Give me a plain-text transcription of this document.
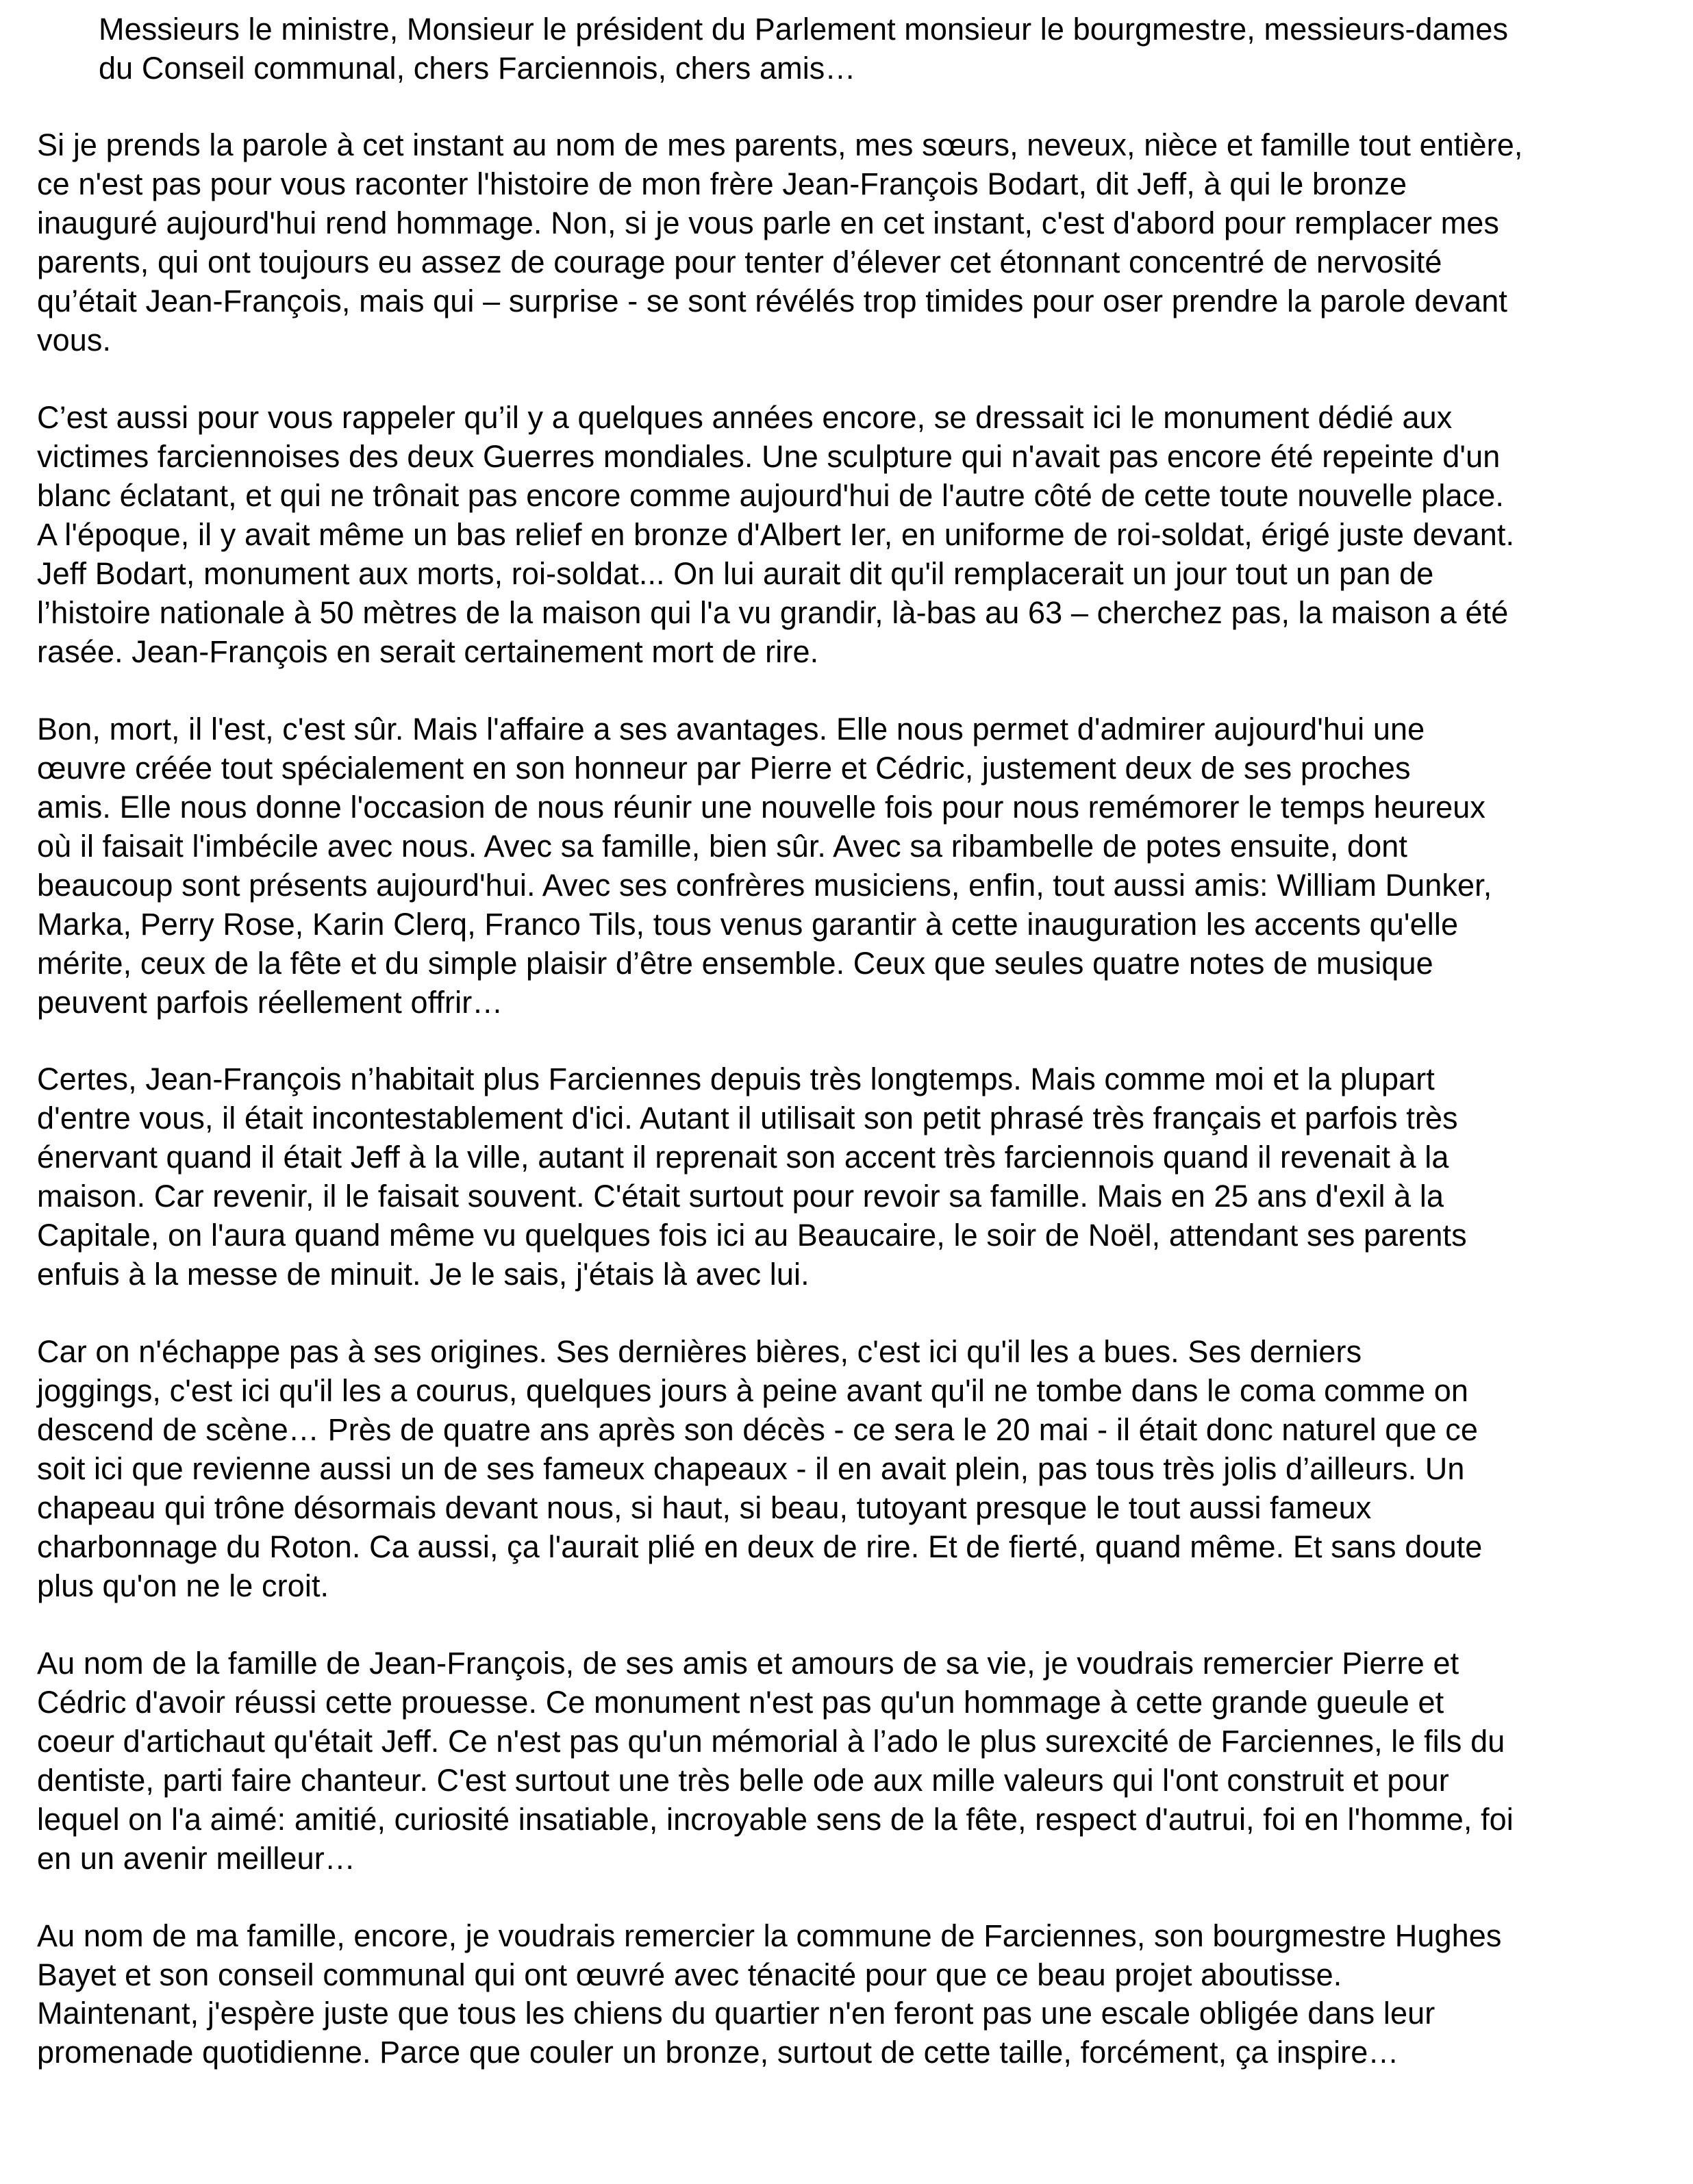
Messieurs le ministre, Monsieur le président du Parlement monsieur le bourgmestre, messieurs-dames
du Conseil communal, chers Farciennois, chers amis…

Si je prends la parole à cet instant au nom de mes parents, mes sœurs, neveux, nièce et famille tout entière,
ce n'est pas pour vous raconter l'histoire de mon frère Jean-François Bodart, dit Jeff, à qui le bronze
inauguré aujourd'hui rend hommage. Non, si je vous parle en cet instant, c'est d'abord pour remplacer mes
parents, qui ont toujours eu assez de courage pour tenter d’élever cet étonnant concentré de nervosité
qu’était Jean-François, mais qui – surprise - se sont révélés trop timides pour oser prendre la parole devant
vous.

C’est aussi pour vous rappeler qu’il y a quelques années encore, se dressait ici le monument dédié aux
victimes farciennoises des deux Guerres mondiales. Une sculpture qui n'avait pas encore été repeinte d'un
blanc éclatant, et qui ne trônait pas encore comme aujourd'hui de l'autre côté de cette toute nouvelle place.
A l'époque, il y avait même un bas relief en bronze d'Albert Ier, en uniforme de roi-soldat, érigé juste devant.
Jeff Bodart, monument aux morts, roi-soldat... On lui aurait dit qu'il remplacerait un jour tout un pan de
l’histoire nationale à 50 mètres de la maison qui l'a vu grandir, là-bas au 63 – cherchez pas, la maison a été
rasée. Jean-François en serait certainement mort de rire.

Bon, mort, il l'est, c'est sûr. Mais l'affaire a ses avantages. Elle nous permet d'admirer aujourd'hui une
œuvre créée tout spécialement en son honneur par Pierre et Cédric, justement deux de ses proches
amis. Elle nous donne l'occasion de nous réunir une nouvelle fois pour nous remémorer le temps heureux
où il faisait l'imbécile avec nous. Avec sa famille, bien sûr. Avec sa ribambelle de potes ensuite, dont
beaucoup sont présents aujourd'hui. Avec ses confrères musiciens, enfin, tout aussi amis: William Dunker,
Marka, Perry Rose, Karin Clerq, Franco Tils, tous venus garantir à cette inauguration les accents qu'elle
mérite, ceux de la fête et du simple plaisir d’être ensemble. Ceux que seules quatre notes de musique
peuvent parfois réellement offrir…

Certes, Jean-François n’habitait plus Farciennes depuis très longtemps. Mais comme moi et la plupart
d'entre vous, il était incontestablement d'ici. Autant il utilisait son petit phrasé très français et parfois très
énervant quand il était Jeff à la ville, autant il reprenait son accent très farciennois quand il revenait à la
maison. Car revenir, il le faisait souvent. C'était surtout pour revoir sa famille. Mais en 25 ans d'exil à la
Capitale, on l'aura quand même vu quelques fois ici au Beaucaire, le soir de Noël, attendant ses parents
enfuis à la messe de minuit. Je le sais, j'étais là avec lui.

Car on n'échappe pas à ses origines. Ses dernières bières, c'est ici qu'il les a bues. Ses derniers
joggings, c'est ici qu'il les a courus, quelques jours à peine avant qu'il ne tombe dans le coma comme on
descend de scène… Près de quatre ans après son décès - ce sera le 20 mai - il était donc naturel que ce
soit ici que revienne aussi un de ses fameux chapeaux - il en avait plein, pas tous très jolis d’ailleurs. Un
chapeau qui trône désormais devant nous, si haut, si beau, tutoyant presque le tout aussi fameux
charbonnage du Roton. Ca aussi, ça l'aurait plié en deux de rire. Et de fierté, quand même. Et sans doute
plus qu'on ne le croit.

Au nom de la famille de Jean-François, de ses amis et amours de sa vie, je voudrais remercier Pierre et
Cédric d'avoir réussi cette prouesse. Ce monument n'est pas qu'un hommage à cette grande gueule et
coeur d'artichaut qu'était Jeff. Ce n'est pas qu'un mémorial à l’ado le plus surexcité de Farciennes, le fils du
dentiste, parti faire chanteur. C'est surtout une très belle ode aux mille valeurs qui l'ont construit et pour
lequel on l'a aimé: amitié, curiosité insatiable, incroyable sens de la fête, respect d'autrui, foi en l'homme, foi
en un avenir meilleur…

Au nom de ma famille, encore, je voudrais remercier la commune de Farciennes, son bourgmestre Hughes
Bayet et son conseil communal qui ont œuvré avec ténacité pour que ce beau projet aboutisse.

Maintenant, j'espère juste que tous les chiens du quartier n'en feront pas une escale obligée dans leur
promenade quotidienne. Parce que couler un bronze, surtout de cette taille, forcément, ça inspire…
